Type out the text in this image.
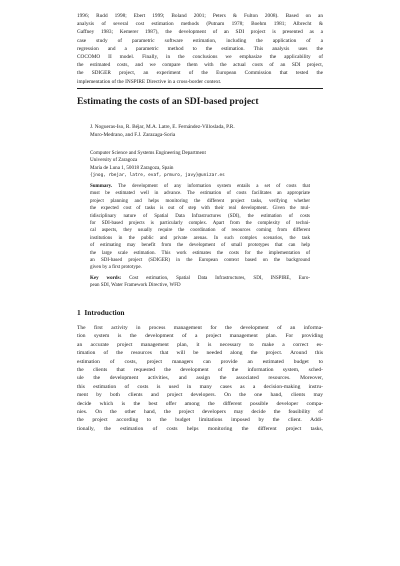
1996; Rudd 1998; Ebert 1999; Boland 2001; Peters & Fulton 2008). Based on an
analysis of several cost estimation methods (Putnam 1978; Boehm 1981; Albrecht &
Gaffney 1983; Kemerer 1987), the development of an SDI project is presented as a
case study of parametric software estimation, including the application of a
regression and a parametric method to the estimation. This analysis uses the
COCOMO II model. Finally, in the conclusions we emphasize the applicability of
the estimated costs, and we compare them with the actual costs of an SDI project,
the SDIGER project, an experiment of the European Commission that tested the
implementation of the INSPIRE Directive in a cross-border context.
Estimating the costs of an SDI-based project
J. Nogueras-Iso, R. Béjar, M.A. Latre, E. Fernández-Villoslada, P.R.
Muro-Medrano, and F.J. Zarazaga-Soria
Computer Science and Systems Engineering Department
University of Zaragoza
María de Luna 1, 50018 Zaragoza, Spain
{jnog, rbejar, latre, evaf, prmuro, javy}@unizar.es
Summary. The development of any information system entails a set of costs that
must be estimated well in advance. The estimation of costs facilitates an appropriate
project planning and helps monitoring the different project tasks, verifying whether
the expected cost of tasks is out of step with their real development. Given the mul-
tidisciplinary nature of Spatial Data Infrastructures (SDI), the estimation of costs
for SDI-based projects is particularly complex. Apart from the complexity of techni-
cal aspects, they usually require the coordination of resources coming from different
institutions in the public and private arenas. In such complex scenarios, the task
of estimating may benefit from the development of small prototypes that can help
the large scale estimation. This work estimates the costs for the implementation of
an SDI-based project (SDIGER) in the European context based on the background
given by a first prototype.
Key words: Cost estimation, Spatial Data Infrastructures, SDI, INSPIRE, Euro-
pean SDI, Water Framework Directive, WFD
1 Introduction
The first activity in process management for the development of an informa-
tion system is the development of a project management plan. For providing
an accurate project management plan, it is necessary to make a correct es-
timation of the resources that will be needed along the project. Around this
estimation of costs, project managers can provide an estimated budget to
the clients that requested the development of the information system, sched-
ule the development activities, and assign the associated resources. Moreover,
this estimation of costs is used in many cases as a decision-making instru-
ment by both clients and project developers. On the one hand, clients may
decide which is the best offer among the different possible developer compa-
nies. On the other hand, the project developers may decide the feasibility of
the project according to the budget limitations imposed by the client. Addi-
tionally, the estimation of costs helps monitoring the different project tasks,
